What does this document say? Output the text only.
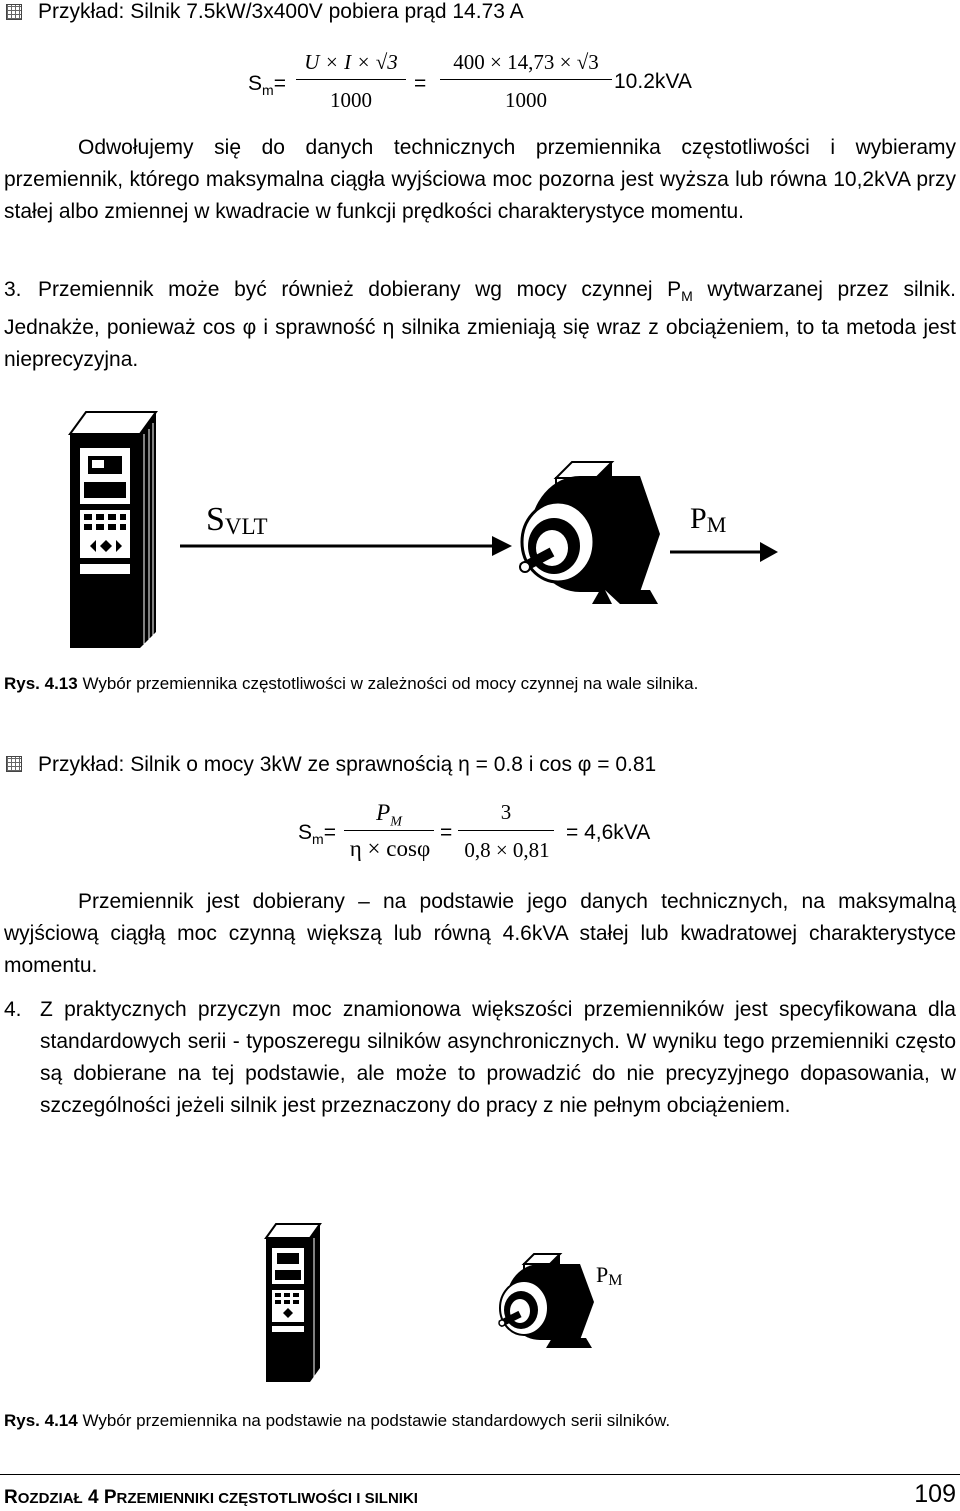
Przykład: Silnik 7.5kW/3x400V pobiera prąd 14.73 A
$S_m=$
U × I × √3
1000
=
400 × 14,73 × √3
1000
10.2kVA
Odwołujemy się do danych technicznych przemiennika częstotliwości i wybieramy przemiennik, którego maksymalna ciągła wyjściowa moc pozorna jest wyższa lub równa 10,2kVA przy stałej albo zmiennej w kwadracie w funkcji prędkości charakterystyce momentu.
3. Przemiennik może być również dobierany wg mocy czynnej $P_M$ wytwarzanej przez silnik. Jednakże, ponieważ cos φ i sprawność η silnika zmieniają się wraz z obciążeniem, to ta metoda jest nieprecyzyjna.
SVLT	PM
Rys. 4.13 Wybór przemiennika częstotliwości w zależności od mocy czynnej na wale silnika.
Przykład: Silnik o mocy 3kW ze sprawnością η = 0.8 i cos φ = 0.81
$S_m=$
$P_M$
η × cosφ
=
3
0,8 × 0,81
= 4,6kVA
Przemiennik jest dobierany – na podstawie jego danych technicznych, na maksymalną wyjściową ciągłą moc czynną większą lub równą 4.6kVA stałej lub kwadratowej charakterystyce momentu.
4. Z praktycznych przyczyn moc znamionowa większości przemienników jest specyfikowana dla standardowych serii - typoszeregu silników asynchronicznych. W wyniku tego przemienniki często są dobierane na tej podstawie, ale może to prowadzić do nie precyzyjnego dopasowania, w szczególności jeżeli silnik jest przeznaczony do pracy z nie pełnym obciążeniem.
PM
Rys. 4.14 Wybór przemiennika na podstawie na podstawie standardowych serii silników.
ROZDZIAŁ 4 PRZEMIENNIKI CZĘSTOTLIWOŚCI I SILNIKI	109
